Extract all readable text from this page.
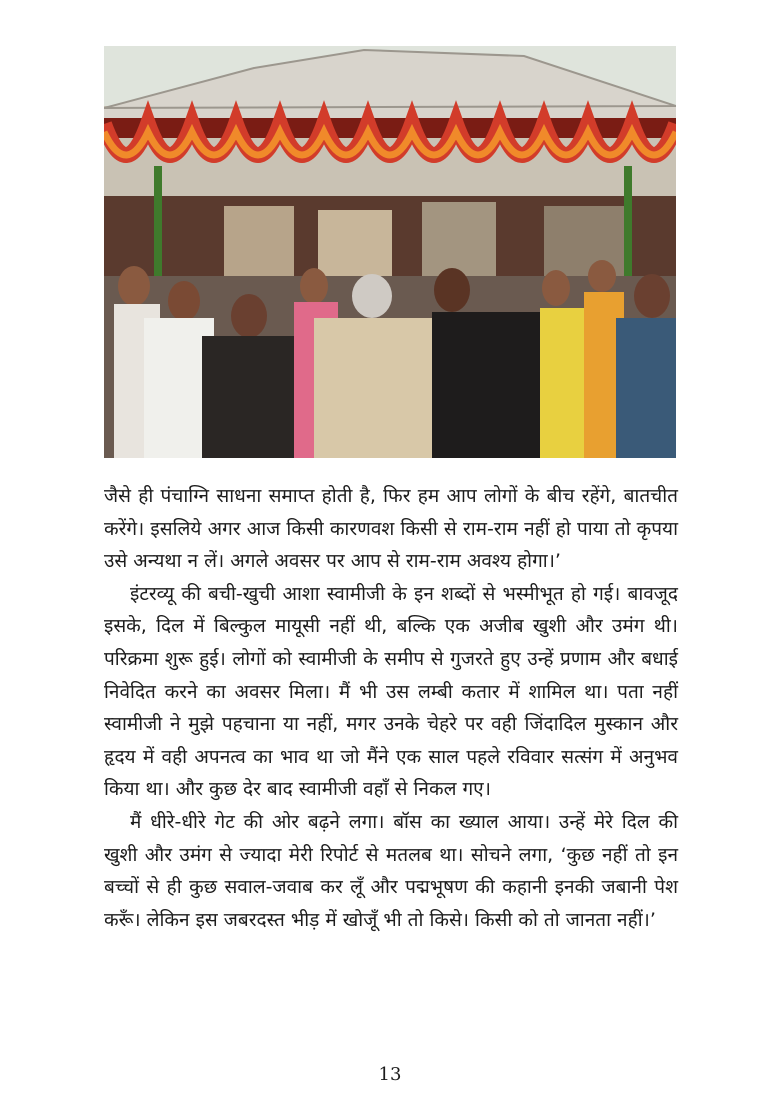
जैसे ही पंचाग्नि साधना समाप्त होती है, फिर हम आप लोगों के बीच रहेंगे, बातचीत करेंगे। इसलिये अगर आज किसी कारणवश किसी से राम-राम नहीं हो पाया तो कृपया उसे अन्यथा न लें। अगले अवसर पर आप से राम-राम अवश्य होगा।’

इंटरव्यू की बची-खुची आशा स्वामीजी के इन शब्दों से भस्मीभूत हो गई। बावजूद इसके, दिल में बिल्कुल मायूसी नहीं थी, बल्कि एक अजीब खुशी और उमंग थी। परिक्रमा शुरू हुई। लोगों को स्वामीजी के समीप से गुजरते हुए उन्हें प्रणाम और बधाई निवेदित करने का अवसर मिला। मैं भी उस लम्बी कतार में शामिल था। पता नहीं स्वामीजी ने मुझे पहचाना या नहीं, मगर उनके चेहरे पर वही जिंदादिल मुस्कान और हृदय में वही अपनत्व का भाव था जो मैंने एक साल पहले रविवार सत्संग में अनुभव किया था। और कुछ देर बाद स्वामीजी वहाँ से निकल गए।

मैं धीरे-धीरे गेट की ओर बढ़ने लगा। बॉस का ख्याल आया। उन्हें मेरे दिल की खुशी और उमंग से ज्यादा मेरी रिपोर्ट से मतलब था। सोचने लगा, ‘कुछ नहीं तो इन बच्चों से ही कुछ सवाल-जवाब कर लूँ और पद्मभूषण की कहानी इनकी जबानी पेश करूँ। लेकिन इस जबरदस्त भीड़ में खोजूँ भी तो किसे। किसी को तो जानता नहीं।’

13
